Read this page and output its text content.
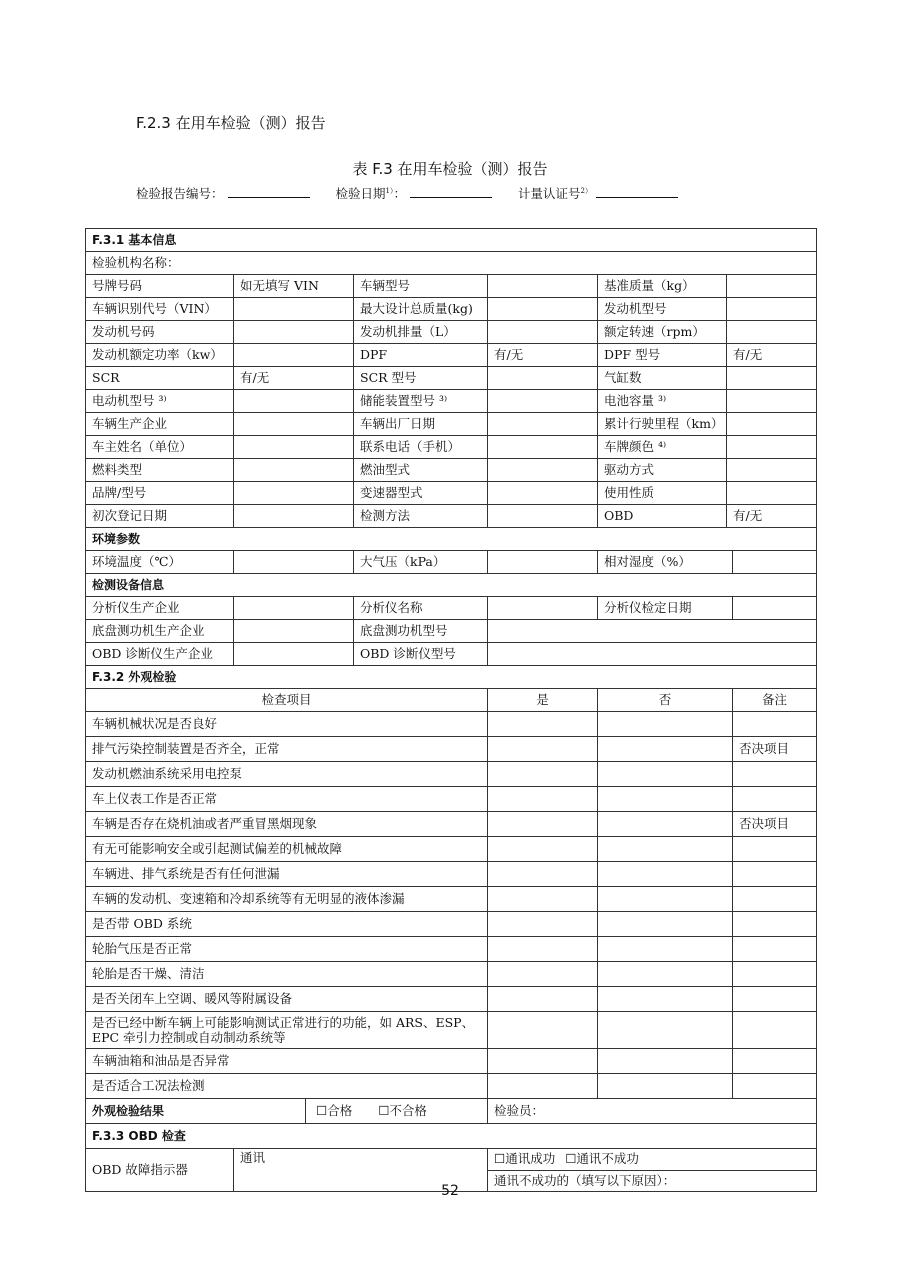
F.2.3 在用车检验（测）报告
表 F.3 在用车检验（测）报告
检验报告编号：	检验日期$^{1)}$：	计量认证号$^{2)}$
F.3.1 基本信息							
检验机构名称：							
号牌号码	如无填写 VIN		车辆型号		基准质量（kg）		
车辆识别代号（VIN）			最大设计总质量(kg)		发动机型号		
发动机号码			发动机排量（L）		额定转速（rpm）		
发动机额定功率（kw）			DPF	有/无	DPF 型号	有/无	
SCR	有/无		SCR 型号		气缸数		
电动机型号 ³⁾			储能装置型号 ³⁾		电池容量 ³⁾		
车辆生产企业			车辆出厂日期		累计行驶里程（km）		
车主姓名（单位）			联系电话（手机）		车牌颜色 ⁴⁾		
燃料类型			燃油型式		驱动方式		
品牌/型号			变速器型式		使用性质		
初次登记日期			检测方法		OBD	有/无	
环境参数							
环境温度（℃）			大气压（kPa）		相对湿度（%）		
检测设备信息							
分析仪生产企业			分析仪名称		分析仪检定日期		
底盘测功机生产企业			底盘测功机型号				
OBD 诊断仪生产企业			OBD 诊断仪型号				
F.3.2 外观检验							
检查项目				是	否		备注
车辆机械状况是否良好							
排气污染控制装置是否齐全，正常							否决项目
发动机燃油系统采用电控泵							
车上仪表工作是否正常							
车辆是否存在烧机油或者严重冒黑烟现象							否决项目
有无可能影响安全或引起测试偏差的机械故障							
车辆进、排气系统是否有任何泄漏							
车辆的发动机、变速箱和冷却系统等有无明显的液体渗漏							
是否带 OBD 系统							
轮胎气压是否正常							
轮胎是否干燥、清洁							
是否关闭车上空调、暖风等附属设备							
是否已经中断车辆上可能影响测试正常进行的功能，如 ARS、ESP、EPC 牵引力控制或自动制动系统等							
车辆油箱和油品是否异常							
是否适合工况法检测							
外观检验结果		☐合格 ☐不合格		检验员：			
F.3.3 OBD 检查							
OBD 故障指示器	通讯			☐通讯成功 ☐通讯不成功
通讯不成功的（填写以下原因）：			
52
